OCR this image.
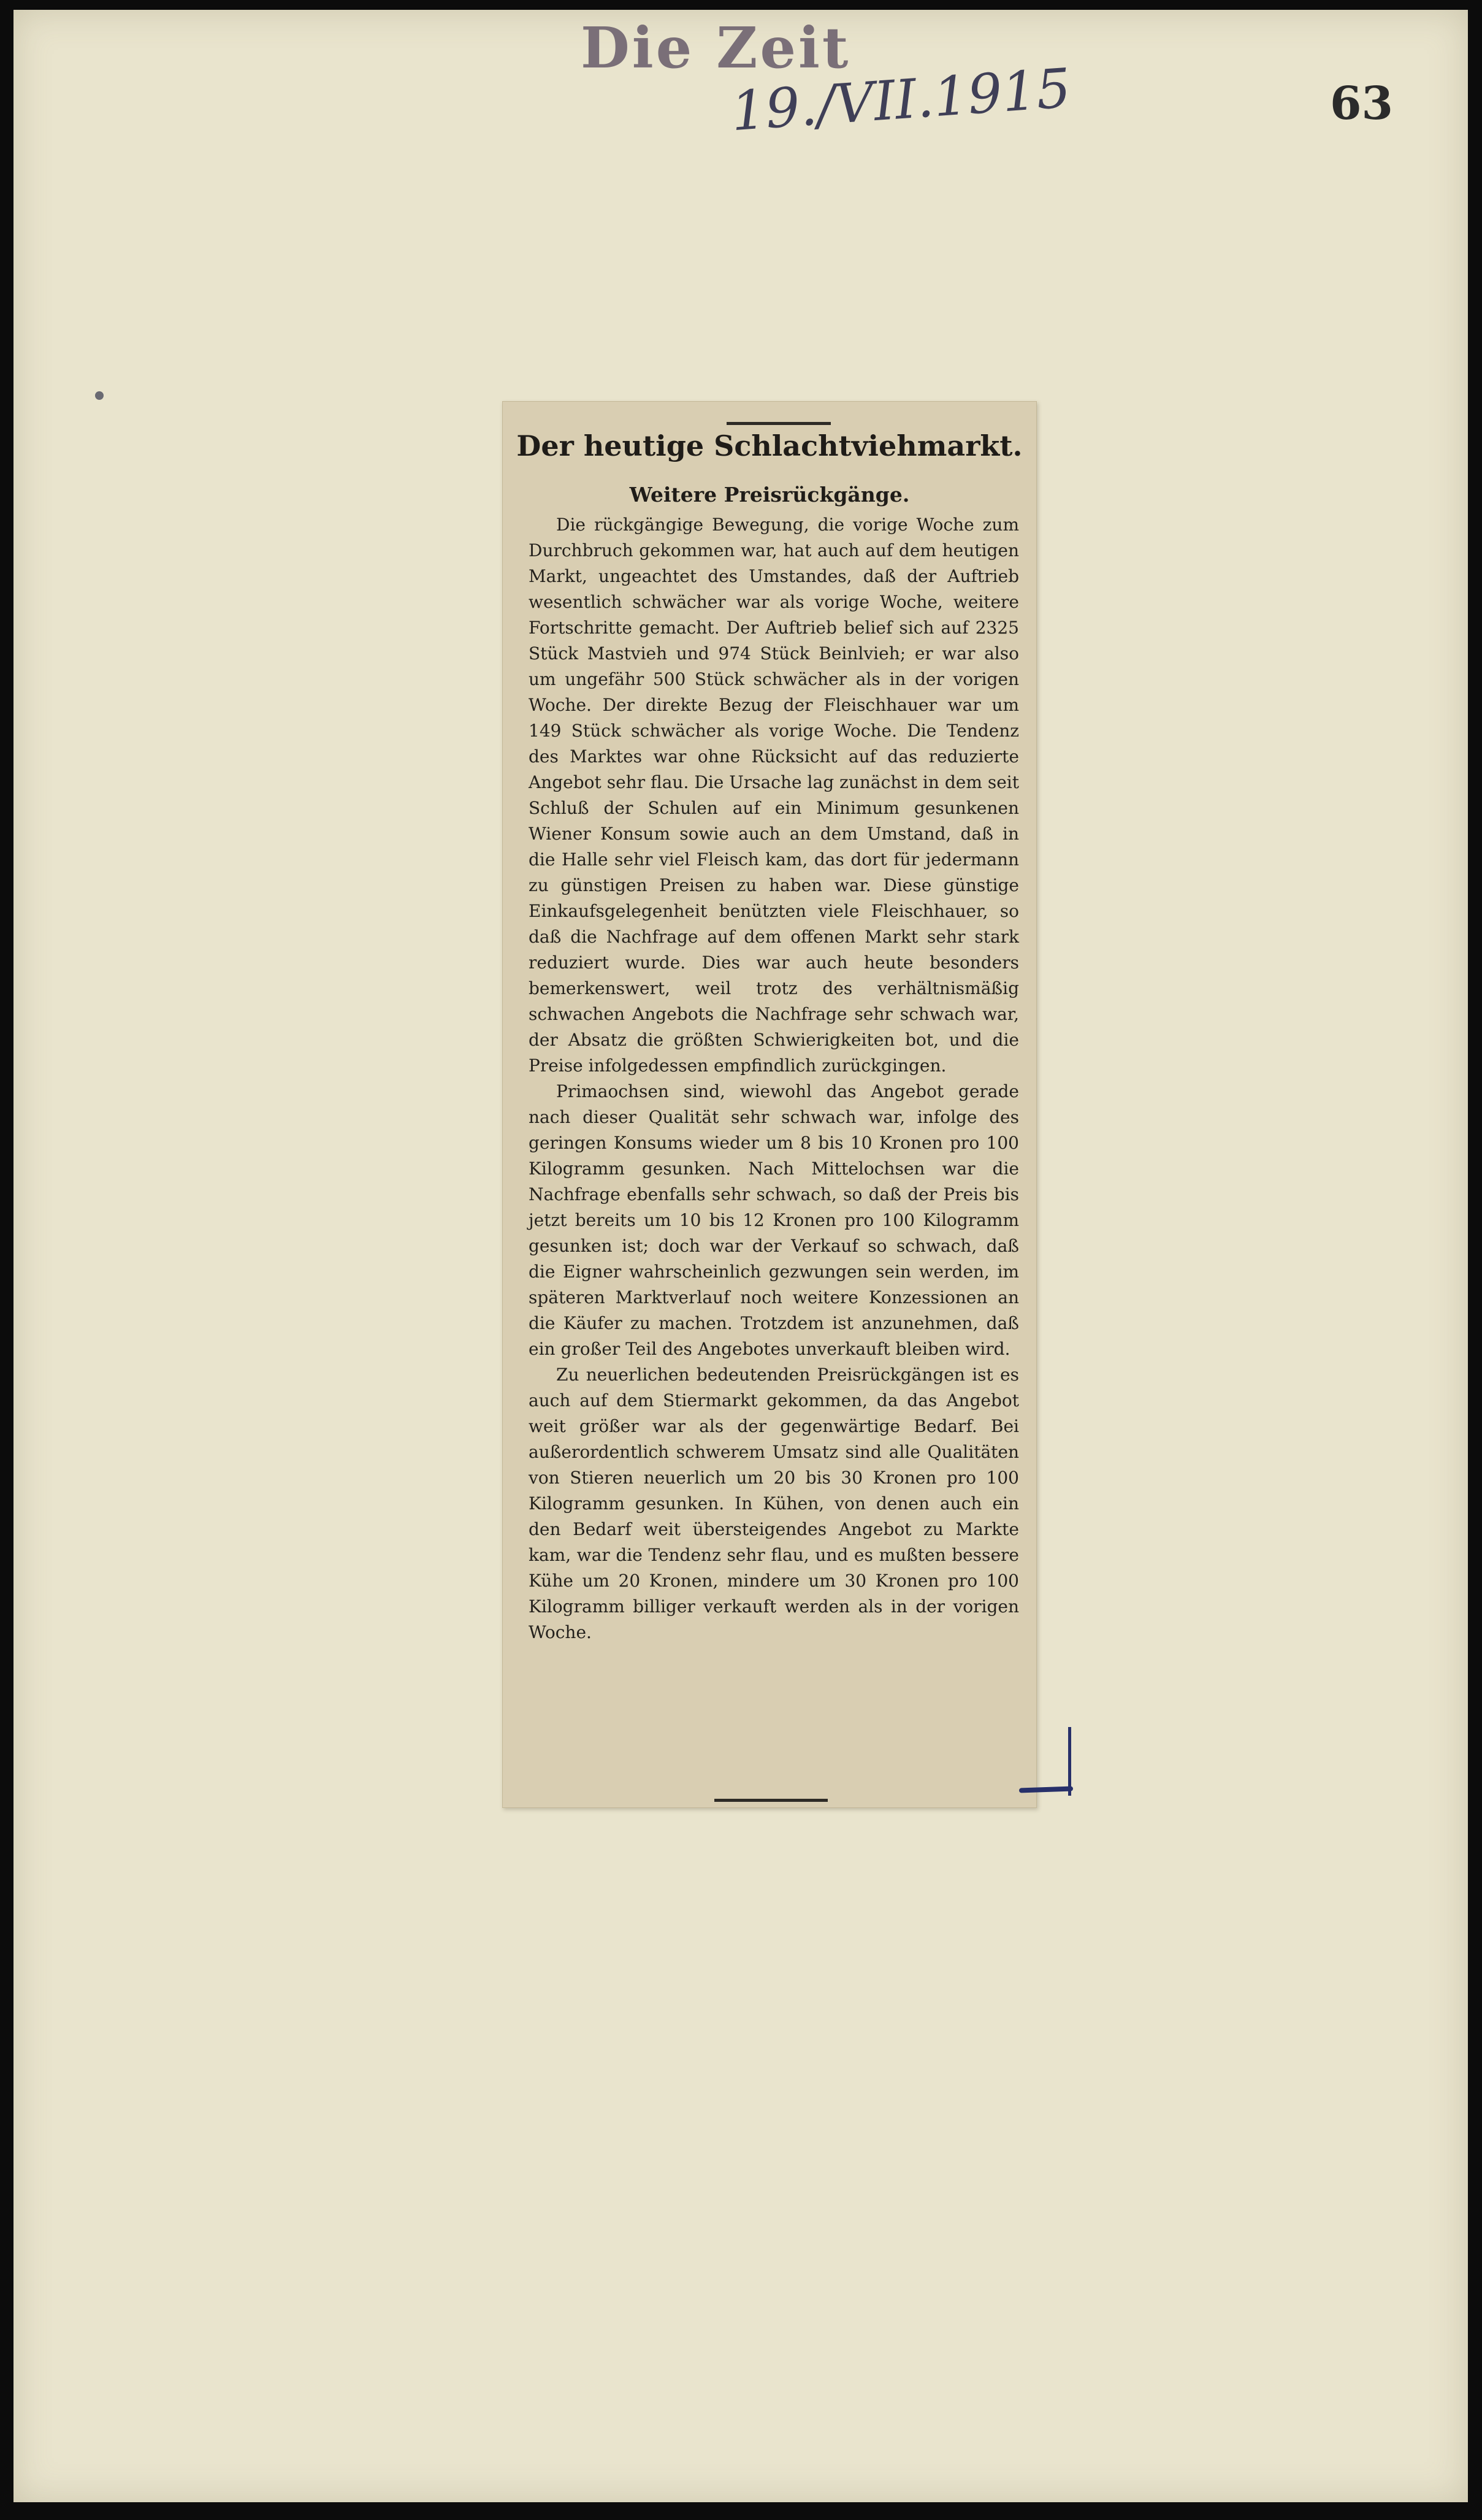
Die Zeit
19./VII.1915	63
Der heutige Schlachtviehmarkt.
Weitere Preisrückgänge.

Die rückgängige Bewegung, die vorige Woche zum Durchbruch gekommen war, hat auch auf dem heutigen Markt, ungeachtet des Umstandes, daß der Auftrieb wesentlich schwächer war als vorige Woche, weitere Fortschritte gemacht. Der Auftrieb belief sich auf 2325 Stück Mastvieh und 974 Stück Beinlvieh; er war also um ungefähr 500 Stück schwächer als in der vorigen Woche. Der direkte Bezug der Fleischhauer war um 149 Stück schwächer als vorige Woche. Die Tendenz des Marktes war ohne Rücksicht auf das reduzierte Angebot sehr flau. Die Ursache lag zunächst in dem seit Schluß der Schulen auf ein Minimum gesunkenen Wiener Konsum sowie auch an dem Umstand, daß in die Halle sehr viel Fleisch kam, das dort für jedermann zu günstigen Preisen zu haben war. Diese günstige Einkaufsgelegenheit benützten viele Fleischhauer, so daß die Nachfrage auf dem offenen Markt sehr stark reduziert wurde. Dies war auch heute besonders bemerkenswert, weil trotz des verhältnismäßig schwachen Angebots die Nachfrage sehr schwach war, der Absatz die größten Schwierigkeiten bot, und die Preise infolgedessen empfindlich zurückgingen.

Primaochsen sind, wiewohl das Angebot gerade nach dieser Qualität sehr schwach war, infolge des geringen Konsums wieder um 8 bis 10 Kronen pro 100 Kilogramm gesunken. Nach Mittelochsen war die Nachfrage ebenfalls sehr schwach, so daß der Preis bis jetzt bereits um 10 bis 12 Kronen pro 100 Kilogramm gesunken ist; doch war der Verkauf so schwach, daß die Eigner wahrscheinlich gezwungen sein werden, im späteren Marktverlauf noch weitere Konzessionen an die Käufer zu machen. Trotzdem ist anzunehmen, daß ein großer Teil des Angebotes unverkauft bleiben wird.

Zu neuerlichen bedeutenden Preisrückgängen ist es auch auf dem Stiermarkt gekommen, da das Angebot weit größer war als der gegenwärtige Bedarf. Bei außerordentlich schwerem Umsatz sind alle Qualitäten von Stieren neuerlich um 20 bis 30 Kronen pro 100 Kilogramm gesunken. In Kühen, von denen auch ein den Bedarf weit übersteigendes Angebot zu Markte kam, war die Tendenz sehr flau, und es mußten bessere Kühe um 20 Kronen, mindere um 30 Kronen pro 100 Kilogramm billiger verkauft werden als in der vorigen Woche.
